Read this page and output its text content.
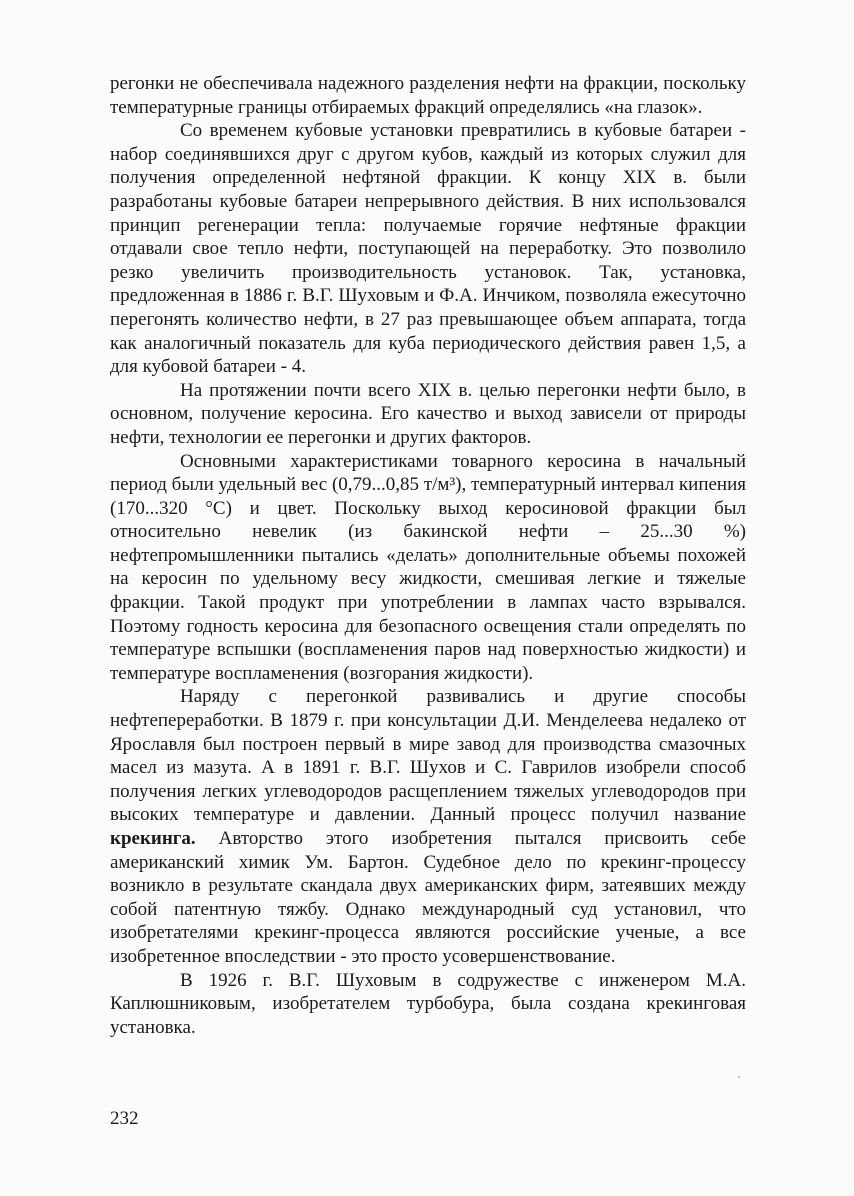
регонки не обеспечивала надежного разделения нефти на фракции, поскольку температурные границы отбираемых фракций определялись «на глазок».

Со временем кубовые установки превратились в кубовые батареи - набор соединявшихся друг с другом кубов, каждый из которых служил для получения определенной нефтяной фракции. К концу XIX в. были разработаны кубовые батареи непрерывного действия. В них использовался принцип регенерации тепла: получаемые горячие нефтяные фракции отдавали свое тепло нефти, поступающей на переработку. Это позволило резко увеличить производительность установок. Так, установка, предложенная в 1886 г. В.Г. Шуховым и Ф.А. Инчиком, позволяла ежесуточно перегонять количество нефти, в 27 раз превышающее объем аппарата, тогда как аналогичный показатель для куба периодического действия равен 1,5, а для кубовой батареи - 4.

На протяжении почти всего XIX в. целью перегонки нефти было, в основном, получение керосина. Его качество и выход зависели от природы нефти, технологии ее перегонки и других факторов.

Основными характеристиками товарного керосина в начальный период были удельный вес (0,79...0,85 т/м³), температурный интервал кипения (170...320 °С) и цвет. Поскольку выход керосиновой фракции был относительно невелик (из бакинской нефти – 25...30 %) нефтепромышленники пытались «делать» дополнительные объемы похожей на керосин по удельному весу жидкости, смешивая легкие и тяжелые фракции. Такой продукт при употреблении в лампах часто взрывался. Поэтому годность керосина для безопасного освещения стали определять по температуре вспышки (воспламенения паров над поверхностью жидкости) и температуре воспламенения (возгорания жидкости).

Наряду с перегонкой развивались и другие способы нефтепереработки. В 1879 г. при консультации Д.И. Менделеева недалеко от Ярославля был построен первый в мире завод для производства смазочных масел из мазута. А в 1891 г. В.Г. Шухов и С. Гаврилов изобрели способ получения легких углеводородов расщеплением тяжелых углеводородов при высоких температуре и давлении. Данный процесс получил название крекинга. Авторство этого изобретения пытался присвоить себе американский химик Ум. Бартон. Судебное дело по крекинг-процессу возникло в результате скандала двух американских фирм, затеявших между собой патентную тяжбу. Однако международный суд установил, что изобретателями крекинг-процесса являются российские ученые, а все изобретенное впоследствии - это просто усовершенствование.

В 1926 г. В.Г. Шуховым в содружестве с инженером М.А. Каплюшниковым, изобретателем турбобура, была создана крекинговая установка.

232
